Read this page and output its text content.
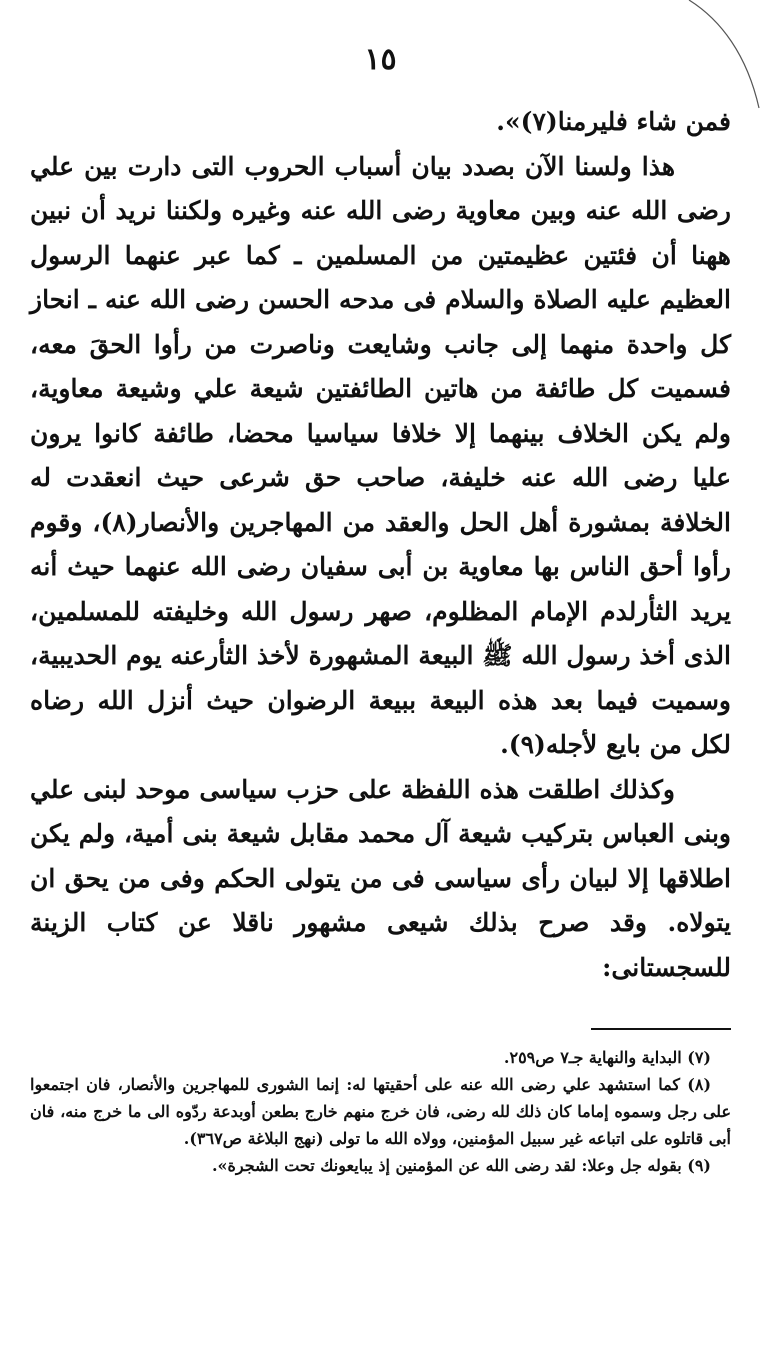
١٥

فمن شاء فليرمنا(٧)».

هذا ولسنا الآن بصدد بيان أسباب الحروب التى دارت بين علي رضى الله عنه وبين معاوية رضى الله عنه وغيره ولكننا نريد أن نبين ههنا أن فئتين عظيمتين من المسلمين ـ كما عبر عنهما الرسول العظيم عليه الصلاة والسلام فى مدحه الحسن رضى الله عنه ـ انحاز كل واحدة منهما إلى جانب وشايعت وناصرت من رأوا الحقَ معه، فسميت كل طائفة من هاتين الطائفتين شيعة علي وشيعة معاوية، ولم يكن الخلاف بينهما إلا خلافا سياسيا محضا، طائفة كانوا يرون عليا رضى الله عنه خليفة، صاحب حق شرعى حيث انعقدت له الخلافة بمشورة أهل الحل والعقد من المهاجرين والأنصار(٨)، وقوم رأوا أحق الناس بها معاوية بن أبى سفيان رضى الله عنهما حيث أنه يريد الثأرلدم الإمام المظلوم، صهر رسول الله وخليفته للمسلمين، الذى أخذ رسول الله ﷺ البيعة المشهورة لأخذ الثأرعنه يوم الحديبية، وسميت فيما بعد هذه البيعة ببيعة الرضوان حيث أنزل الله رضاه لكل من بايع لأجله(٩).

وكذلك اطلقت هذه اللفظة على حزب سياسى موحد لبنى علي وبنى العباس بتركيب شيعة آل محمد مقابل شيعة بنى أمية، ولم يكن اطلاقها إلا لبيان رأى سياسى فى من يتولى الحكم وفى من يحق ان يتولاه. وقد صرح بذلك شيعى مشهور ناقلا عن كتاب الزينة للسجستانى:

(٧) البداية والنهاية جـ٧ ص٢٥٩.

(٨) كما استشهد علي رضى الله عنه على أحقيتها له: إنما الشورى للمهاجرين والأنصار، فان اجتمعوا على رجل وسموه إماما كان ذلك لله رضى، فان خرج منهم خارج بطعن أوبدعة ردّوه الى ما خرج منه، فان أبى قاتلوه على اتباعه غير سبيل المؤمنين، وولاه الله ما تولى (نهج البلاغة ص٣٦٧).

(٩) بقوله جل وعلا: لقد رضى الله عن المؤمنين إذ يبايعونك تحت الشجرة».
